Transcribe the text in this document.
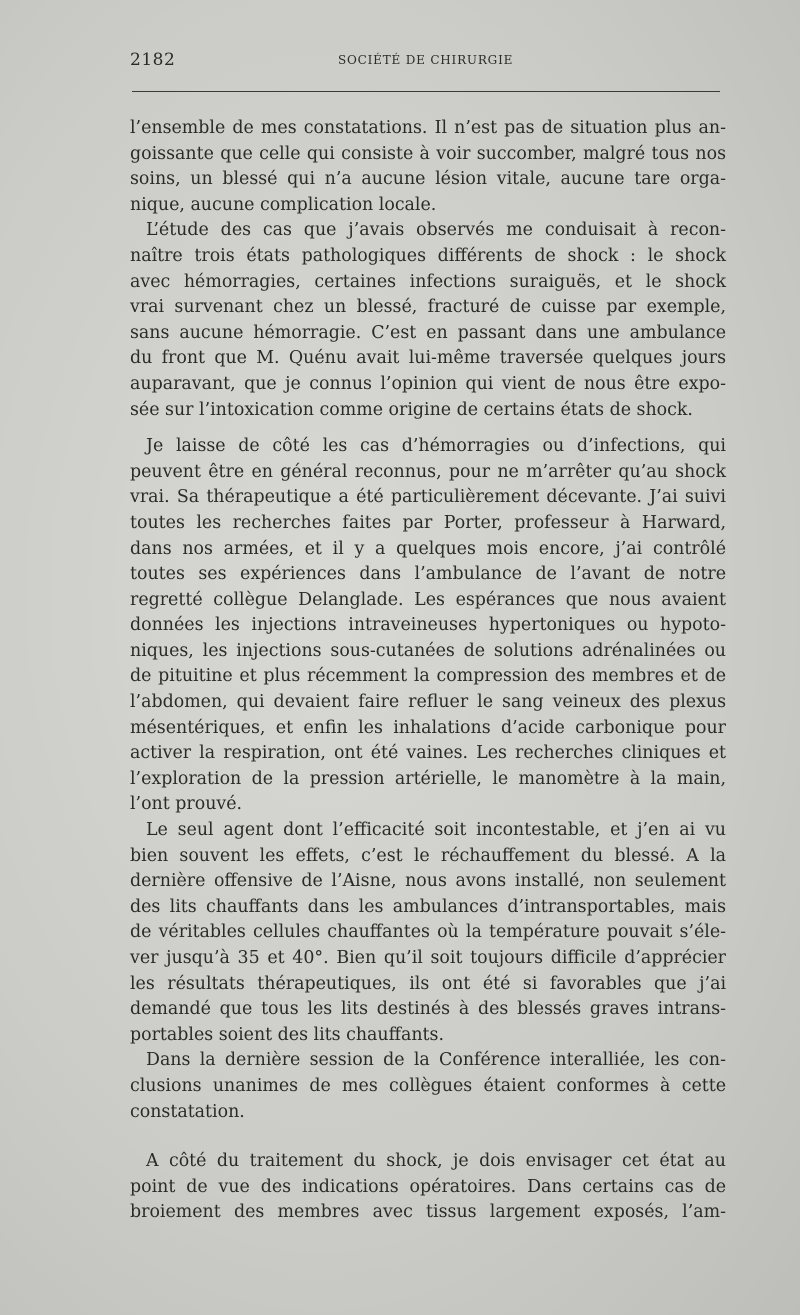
2182	SOCIÉTÉ DE CHIRURGIE
l’ensemble de mes constatations. Il n’est pas de situation plus an-
goissante que celle qui consiste à voir succomber, malgré tous nos
soins, un blessé qui n’a aucune lésion vitale, aucune tare orga-
nique, aucune complication locale.
L’étude des cas que j’avais observés me conduisait à recon-
naître trois états pathologiques différents de shock : le shock
avec hémorragies, certaines infections suraiguës, et le shock
vrai survenant chez un blessé, fracturé de cuisse par exemple,
sans aucune hémorragie. C’est en passant dans une ambulance
du front que M. Quénu avait lui-même traversée quelques jours
auparavant, que je connus l’opinion qui vient de nous être expo-
sée sur l’intoxication comme origine de certains états de shock.
Je laisse de côté les cas d’hémorragies ou d’infections, qui
peuvent être en général reconnus, pour ne m’arrêter qu’au shock
vrai. Sa thérapeutique a été particulièrement décevante. J’ai suivi
toutes les recherches faites par Porter, professeur à Harward,
dans nos armées, et il y a quelques mois encore, j’ai contrôlé
toutes ses expériences dans l’ambulance de l’avant de notre
regretté collègue Delanglade. Les espérances que nous avaient
données les injections intraveineuses hypertoniques ou hypoto-
niques, les injections sous-cutanées de solutions adrénalinées ou
de pituitine et plus récemment la compression des membres et de
l’abdomen, qui devaient faire refluer le sang veineux des plexus
mésentériques, et enfin les inhalations d’acide carbonique pour
activer la respiration, ont été vaines. Les recherches cliniques et
l’exploration de la pression artérielle, le manomètre à la main,
l’ont prouvé.
Le seul agent dont l’efficacité soit incontestable, et j’en ai vu
bien souvent les effets, c’est le réchauffement du blessé. A la
dernière offensive de l’Aisne, nous avons installé, non seulement
des lits chauffants dans les ambulances d’intransportables, mais
de véritables cellules chauffantes où la température pouvait s’éle-
ver jusqu’à 35 et 40°. Bien qu’il soit toujours difficile d’apprécier
les résultats thérapeutiques, ils ont été si favorables que j’ai
demandé que tous les lits destinés à des blessés graves intrans-
portables soient des lits chauffants.
Dans la dernière session de la Conférence interalliée, les con-
clusions unanimes de mes collègues étaient conformes à cette
constatation.
A côté du traitement du shock, je dois envisager cet état au
point de vue des indications opératoires. Dans certains cas de
broiement des membres avec tissus largement exposés, l’am-
